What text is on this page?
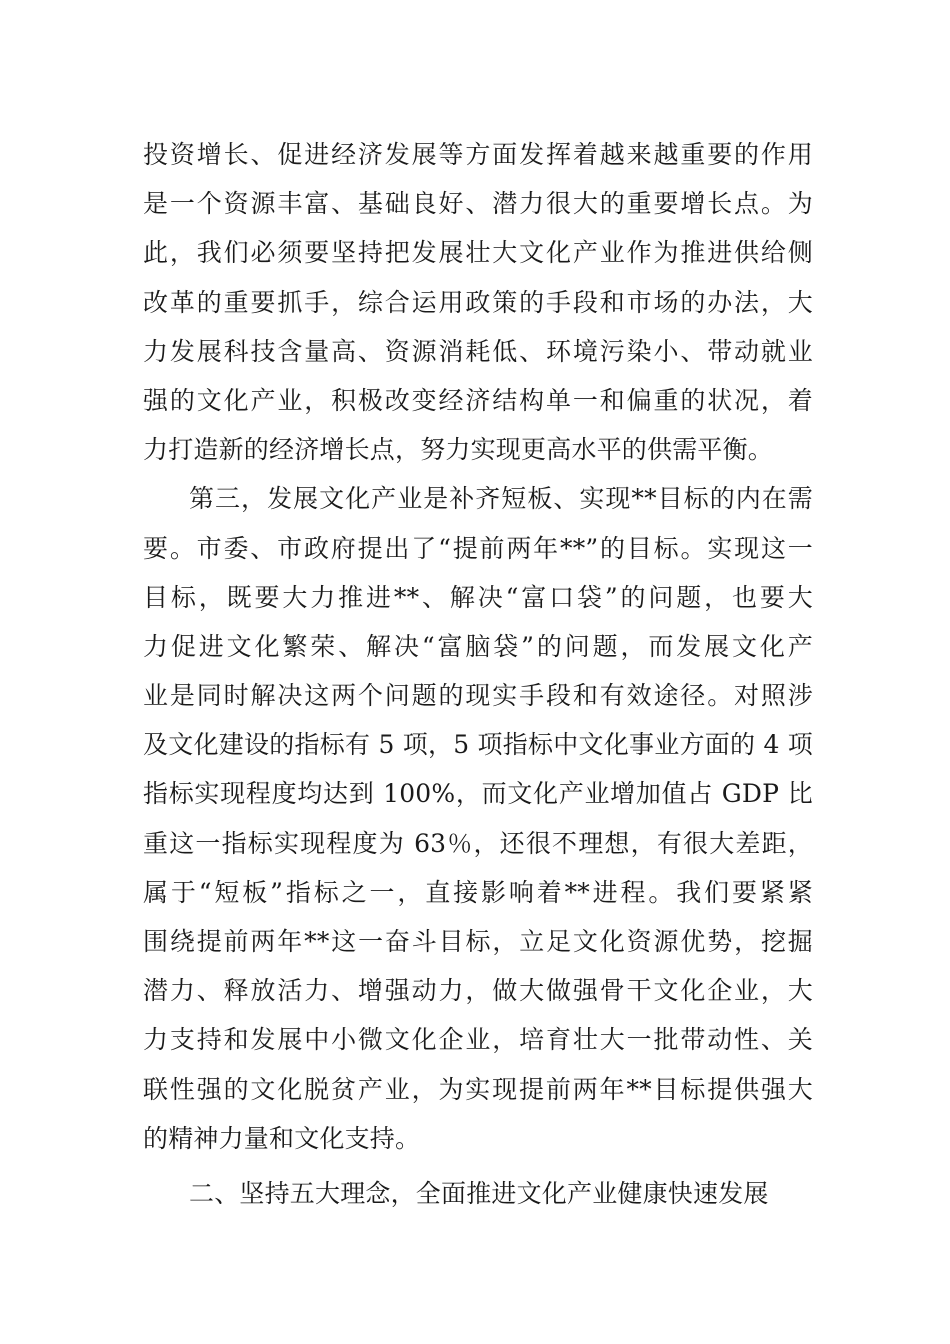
投资增长、促进经济发展等方面发挥着越来越重要的作用
是一个资源丰富、基础良好、潜力很大的重要增长点。为
此，我们必须要坚持把发展壮大文化产业作为推进供给侧
改革的重要抓手，综合运用政策的手段和市场的办法，大
力发展科技含量高、资源消耗低、环境污染小、带动就业
强的文化产业，积极改变经济结构单一和偏重的状况，着
力打造新的经济增长点，努力实现更高水平的供需平衡。
第三，发展文化产业是补齐短板、实现**目标的内在需
要。市委、市政府提出了“提前两年**”的目标。实现这一
目标，既要大力推进**、解决“富口袋”的问题，也要大
力促进文化繁荣、解决“富脑袋”的问题，而发展文化产
业是同时解决这两个问题的现实手段和有效途径。对照涉
及文化建设的指标有 5 项，5 项指标中文化事业方面的 4 项
指标实现程度均达到 100%，而文化产业增加值占 GDP 比
重这一指标实现程度为 63％，还很不理想，有很大差距，
属于“短板”指标之一，直接影响着**进程。我们要紧紧
围绕提前两年**这一奋斗目标，立足文化资源优势，挖掘
潜力、释放活力、增强动力，做大做强骨干文化企业，大
力支持和发展中小微文化企业，培育壮大一批带动性、关
联性强的文化脱贫产业，为实现提前两年**目标提供强大
的精神力量和文化支持。
二、坚持五大理念，全面推进文化产业健康快速发展
